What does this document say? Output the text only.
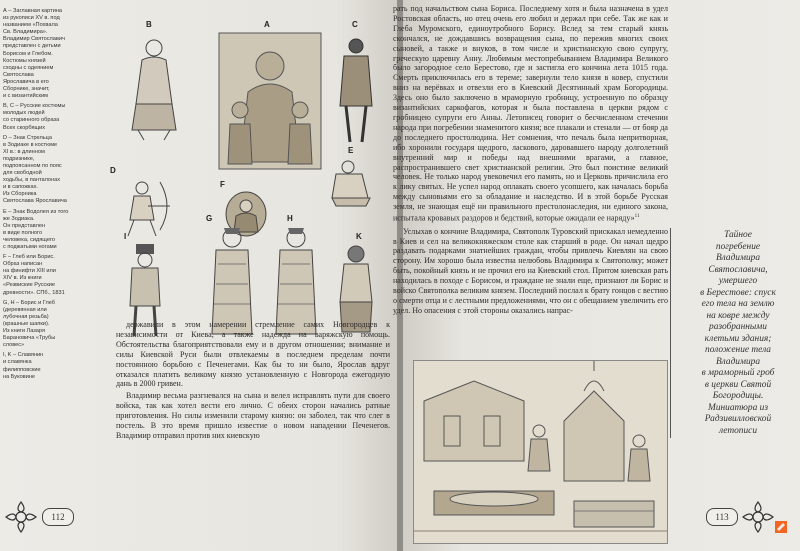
А – Заглавная картина
из рукописи XV в. под
названием «Похвала
Св. Владимира».
Владимир Святославич
представлен с детьми
Борисом и Глебом.
Костюмы князей
сходны с одеянием
Святослава
Ярославича в его
Сборнике, значит,
и с византийским
B, C – Русские костюмы
молодых людей
со старинного образа
Всех скорбящих
D – Знак Стрельца
в Зодиаке в костюме
XI в.: в длинном
подризнике,
подпоясанном по пояс
для свободной
ходьбы, в панталонах
и в сапожках.
Из Сборника
Святослава Ярославича
E – Знак Водолея из того
же Зодиака.
Он представлен
в виде полного
человека, сидящего
с поджатыми ногами
F – Глеб или Борис.
Образ написан
на финифти XIII или
XIV в. Из книги
«Резвиские Русские
древности». СПб., 1831
G, H – Борис и Глеб
(деревянная или
лубочная резьба)
(крашные шапки).
Из книги Лазаря
Барановича «Трубы
словес»
I, K – Славянин
и славянка
филипповские
на Буковине
B	A	C
D
E
F
G	H
I	K

державили в этом намерении стремление самих Новгородцев к независимости от Киева, а также надежда на варяжскую помощь. Обстоятельства благоприятствовали ему и в другом отношении; внимание и силы Киевской Руси были отвлекаемы в последнем пределам почти постоянною борьбою с Печенегами. Как бы то ни было, Ярослав вдруг отказался платить великому князю установленную с Новгорода ежегодную дань в 2000 гривен.

Владимир весьма разгневался на сына и велел исправлять пути для своего войска, так как хотел вести его лично. С обеих сторон начались ратные приготовления. Но силы изменили старому князю: он заболел, так что слег в постель. В это время пришло известие о новом нападении Печенегов. Владимир отправил против них киевскую

112

рать под начальством сына Бориса. Последнему хотя и была назначена в удел Ростовская область, но отец очень его любил и держал при себе. Так же как и Глеба Муромского, единоутробного Борису. Вслед за тем старый князь скончался, не дождавшись возвращения сына, по пережив многих своих сыновей, а также и внуков, в том числе и христианскую свою супругу, греческую царевну Анну. Любимым местопребыванием Владимира Великого было загородное село Берестово, где и застигла его кончина лета 1015 года. Смерть приключилась его в тереме; завернули тело князя в ковер, спустили вниз на верёвках и отвезли его в Киевский Десятинный храм Богородицы. Здесь оно было заключено в мраморную гробницу, устроенную по образцу византийских саркофагов, которая и была поставлена в церкви рядом с гробницею супруги его Анны. Летописец говорит о бесчисленном стечении народа при погребении знаменитого князя; все плакали и стенали — от бояр да до последнего простолюдина. Нет сомнения, что печаль была непритворная, ибо хоронили государя щедрого, ласкового, даровавшего народу долголетний внутренний мир и победы над внешними врагами, а главное, распространившего свет христианской религии. Это был поистине великий человек. Не только народ увековечил его память, но и Церковь причислила его к лику святых. Не успел народ оплакать своего усопшего, как началась борьба между сыновьями его за обладание и наследство. И в этой борьбе Русская земля, не знающая ещё ни правильного престолонаследия, ни единого закона, испытала кровавых раздоров и бедствий, которые ожидали ее наряду»$^{11}$

Услыхав о кончине Владимира, Святополк Туровский прискакал немедленно в Киев и сел на великокняжеском столе как старший в роде. Он начал щедро раздавать подарками знатнейших граждан, чтобы привлечь Киевлян на свою сторону. Им хорошо была известна нелюбовь Владимира к Святополку; может быть, покойный князь и не прочил его на Киевский стол. Притом киевская рать находилась в походе с Борисом, и граждане не знали еще, признают ли Борис и войско Святополка великим князем. Последний послал к брату гонцов с вестию о смерти отца и с лестными предложениями, что он с обещанием увеличить его удел. Но опасения с этой стороны оказались напрас-

Тайное
погребение
Владимира
Святославича,
умершего
в Берестове: спуск
его тела на землю
на ковре между
разобранными
клетьми здания;
положение тела
Владимира
в мраморный гроб
в церкви Святой
Богородицы.
Миниатюра из
Радзивилловской
летописи
113
